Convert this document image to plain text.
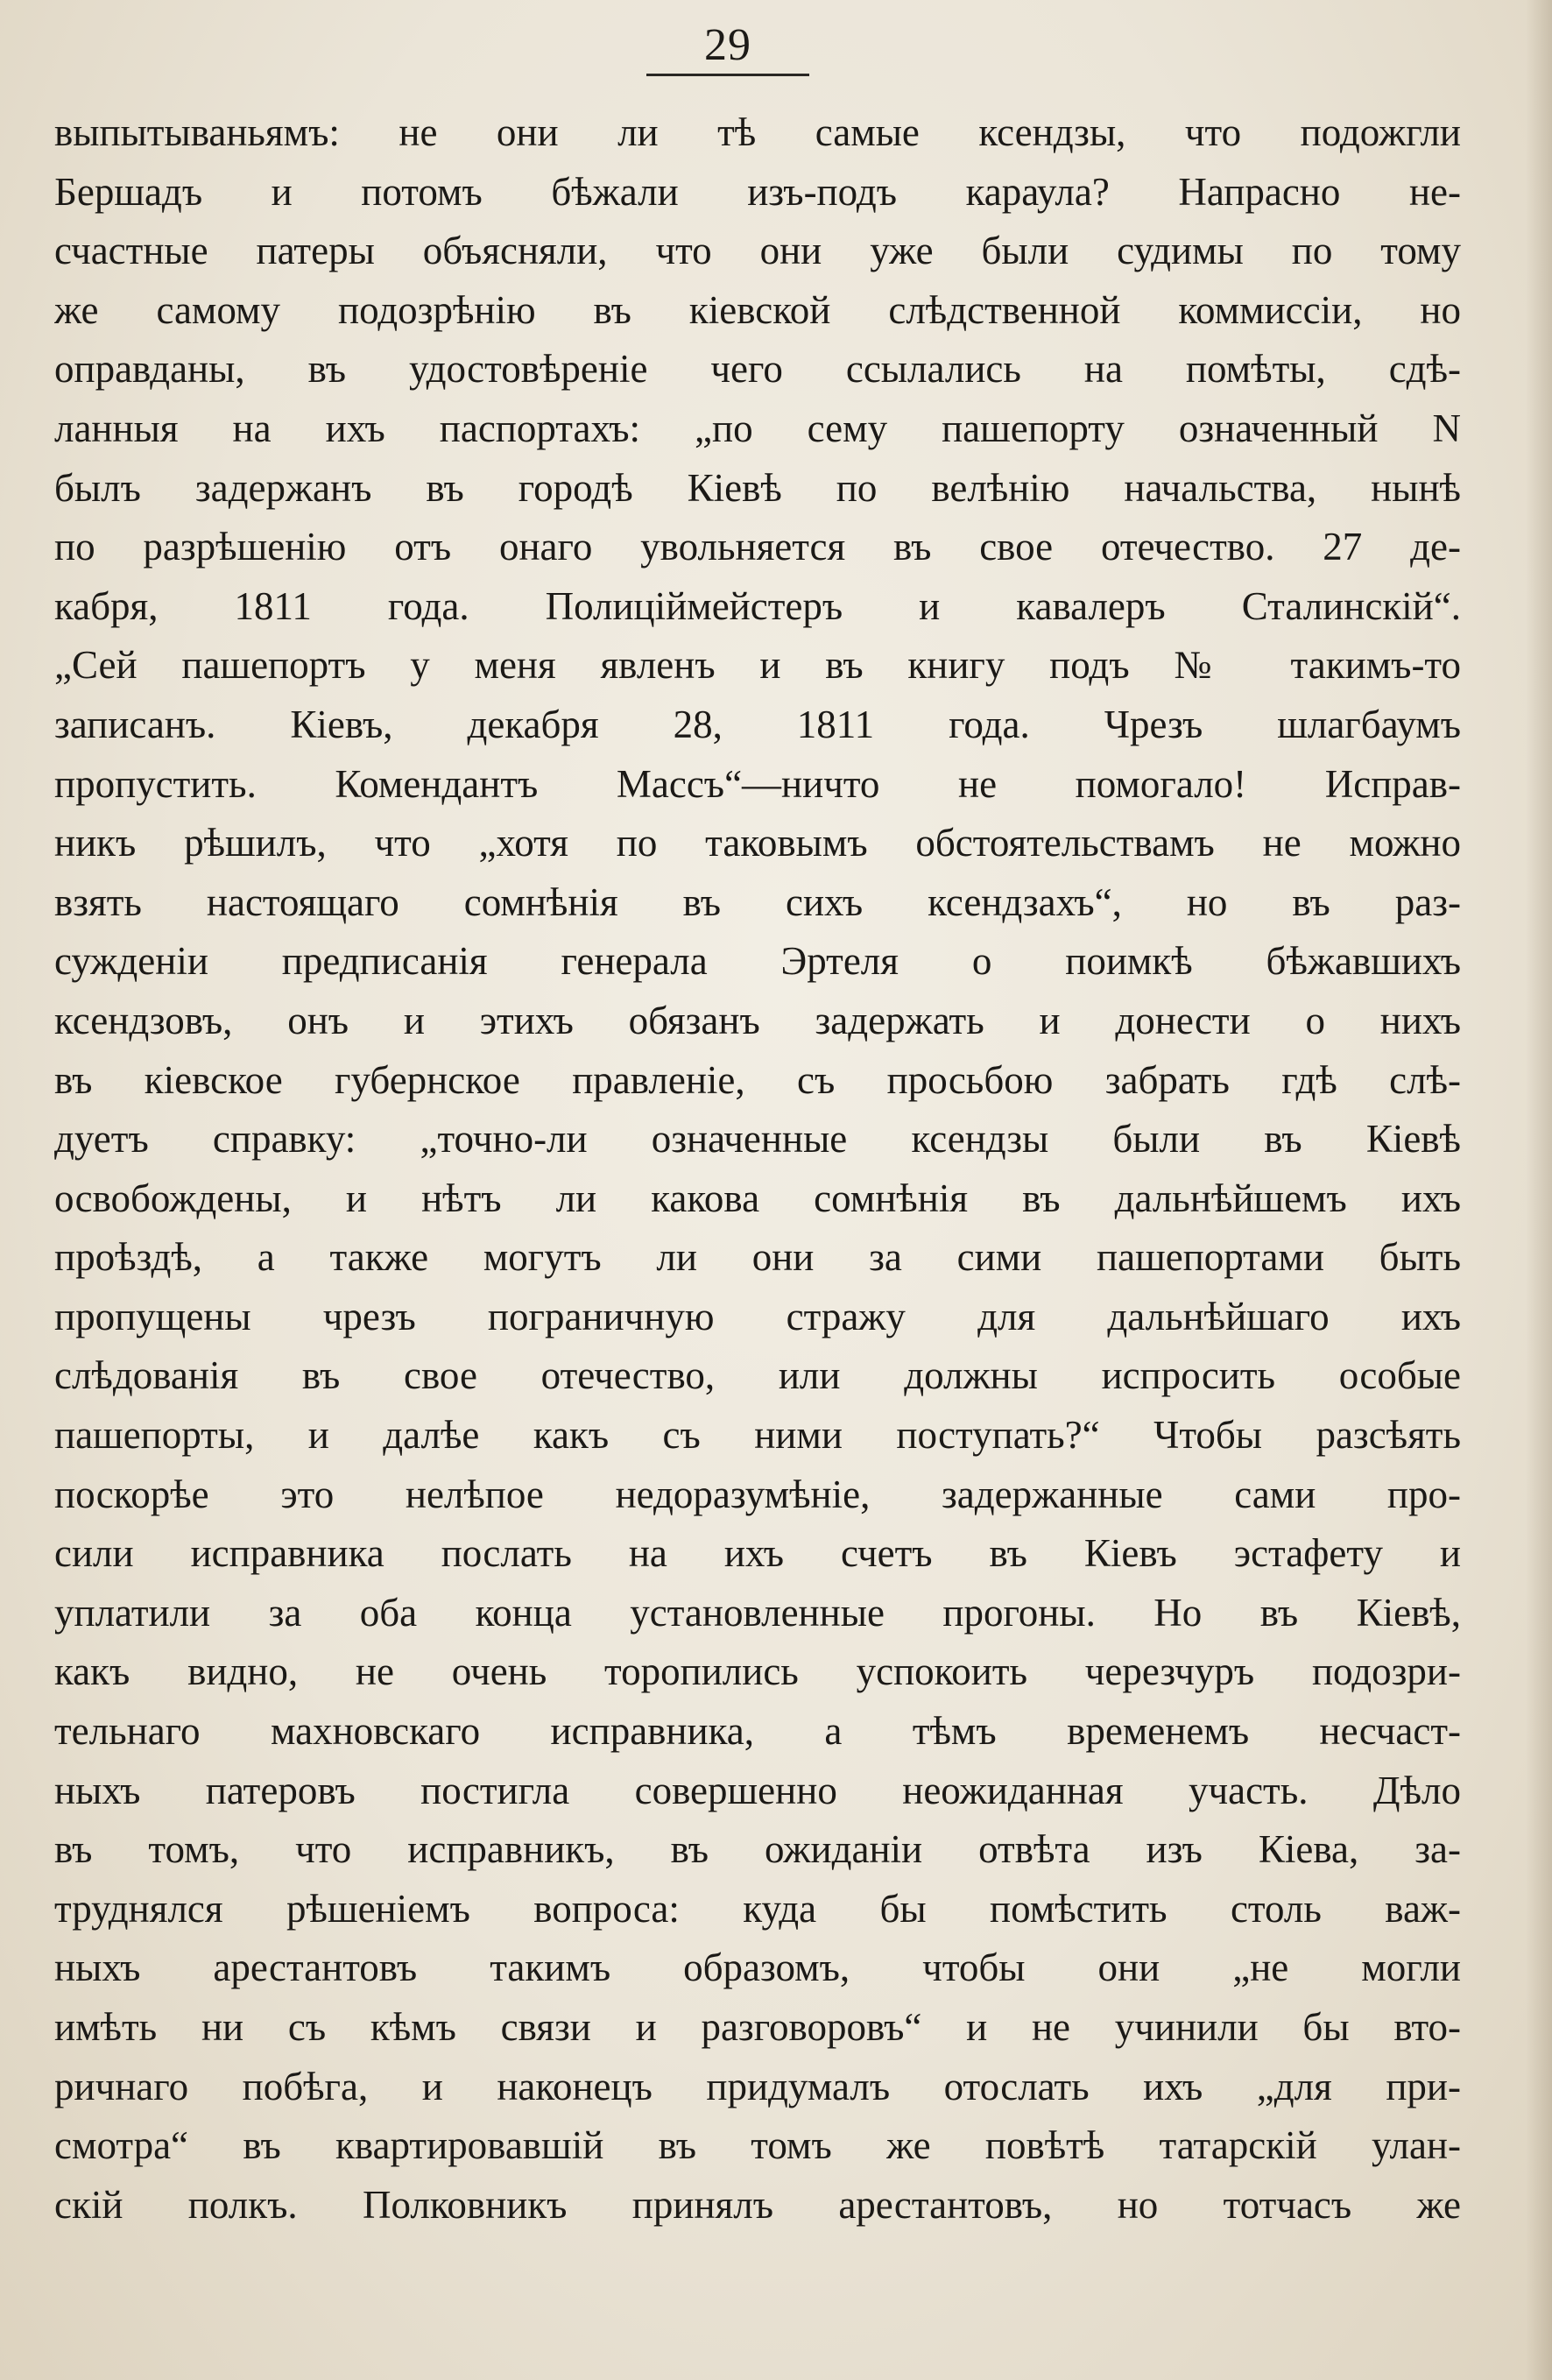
29
выпытываньямъ: не они ли тѣ самые ксендзы, что подожгли
Бершадъ и потомъ бѣжали изъ-подъ караула? Напрасно не-
счастные патеры объясняли, что они уже были судимы по тому
же самому подозрѣнію въ кіевской слѣдственной коммиссіи, но
оправданы, въ удостовѣреніе чего ссылались на помѣты, сдѣ-
ланныя на ихъ паспортахъ: „по сему пашепорту означенный N
былъ задержанъ въ городѣ Кіевѣ по велѣнію начальства, нынѣ
по разрѣшенію отъ онаго увольняется въ свое отечество. 27 де-
кабря, 1811 года. Полиціймейстеръ и кавалеръ Сталинскій“.
„Сей пашепортъ у меня явленъ и въ книгу подъ № такимъ-то
записанъ. Кіевъ, декабря 28, 1811 года. Чрезъ шлагбаумъ
пропустить. Комендантъ Массъ“—ничто не помогало! Исправ-
никъ рѣшилъ, что „хотя по таковымъ обстоятельствамъ не можно
взять настоящаго сомнѣнія въ сихъ ксендзахъ“, но въ раз-
сужденіи предписанія генерала Эртеля о поимкѣ бѣжавшихъ
ксендзовъ, онъ и этихъ обязанъ задержать и донести о нихъ
въ кіевское губернское правленіе, съ просьбою забрать гдѣ слѣ-
дуетъ справку: „точно-ли означенные ксендзы были въ Кіевѣ
освобождены, и нѣтъ ли какова сомнѣнія въ дальнѣйшемъ ихъ
проѣздѣ, а также могутъ ли они за сими пашепортами быть
пропущены чрезъ пограничную стражу для дальнѣйшаго ихъ
слѣдованія въ свое отечество, или должны испросить особые
пашепорты, и далѣе какъ съ ними поступать?“ Чтобы разсѣять
поскорѣе это нелѣпое недоразумѣніе, задержанные сами про-
сили исправника послать на ихъ счетъ въ Кіевъ эстафету и
уплатили за оба конца установленные прогоны. Но въ Кіевѣ,
какъ видно, не очень торопились успокоить черезчуръ подозри-
тельнаго махновскаго исправника, а тѣмъ временемъ несчаст-
ныхъ патеровъ постигла совершенно неожиданная участь. Дѣло
въ томъ, что исправникъ, въ ожиданіи отвѣта изъ Кіева, за-
труднялся рѣшеніемъ вопроса: куда бы помѣстить столь важ-
ныхъ арестантовъ такимъ образомъ, чтобы они „не могли
имѣть ни съ кѣмъ связи и разговоровъ“ и не учинили бы вто-
ричнаго побѣга, и наконецъ придумалъ отослать ихъ „для при-
смотра“ въ квартировавшій въ томъ же повѣтѣ татарскій улан-
скій полкъ. Полковникъ принялъ арестантовъ, но тотчасъ же
